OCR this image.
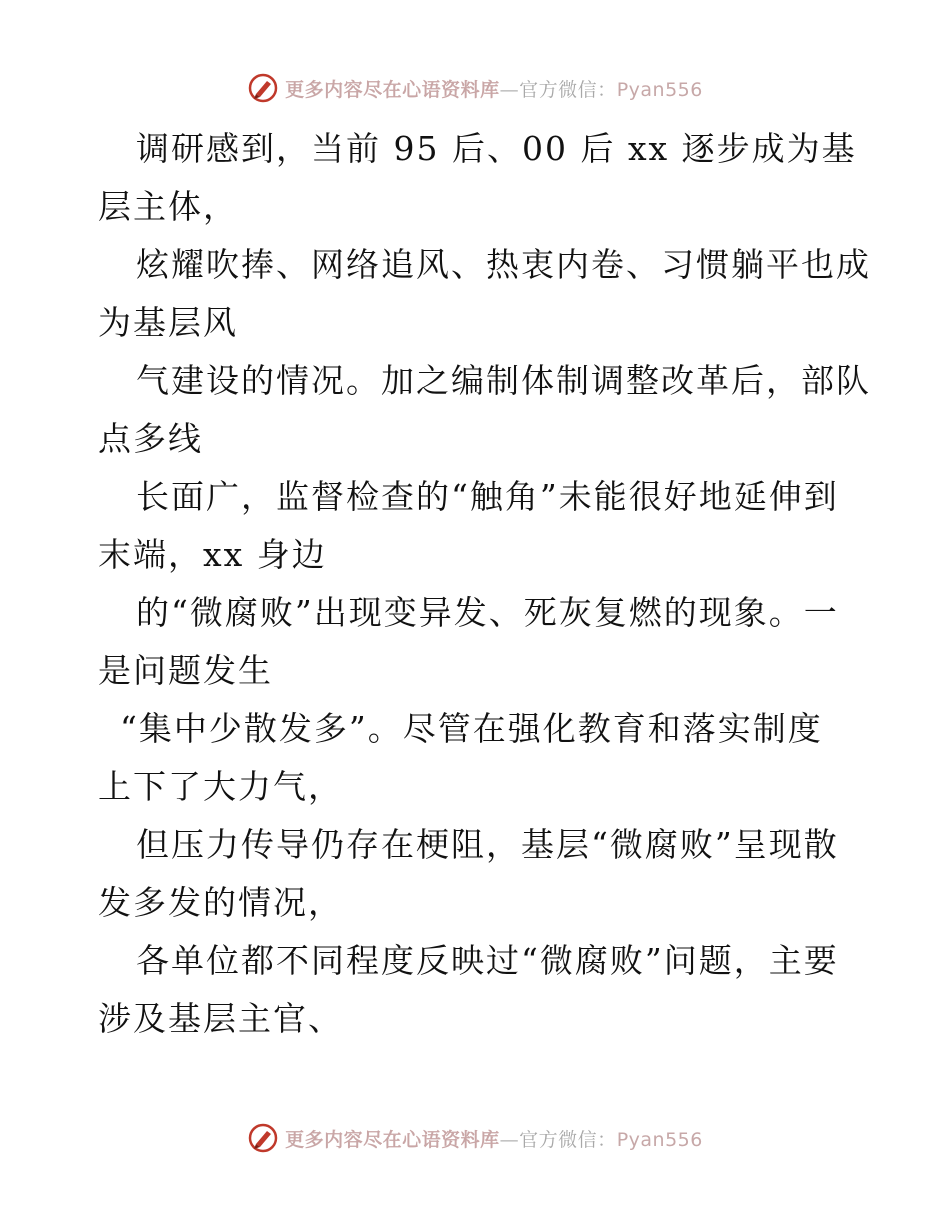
更多内容尽在心语资料库—官方微信：Pyan556

调研感到，当前 95 后、00 后 xx 逐步成为基

层主体，

炫耀吹捧、网络追风、热衷内卷、习惯躺平也成

为基层风

气建设的情况。加之编制体制调整改革后，部队

点多线

长面广，监督检查的“触角”未能很好地延伸到

末端，xx 身边

的“微腐败”出现变异发、死灰复燃的现象。一

是问题发生

“集中少散发多”。尽管在强化教育和落实制度

上下了大力气，

但压力传导仍存在梗阻，基层“微腐败”呈现散

发多发的情况，

各单位都不同程度反映过“微腐败”问题，主要

涉及基层主官、

更多内容尽在心语资料库—官方微信：Pyan556
